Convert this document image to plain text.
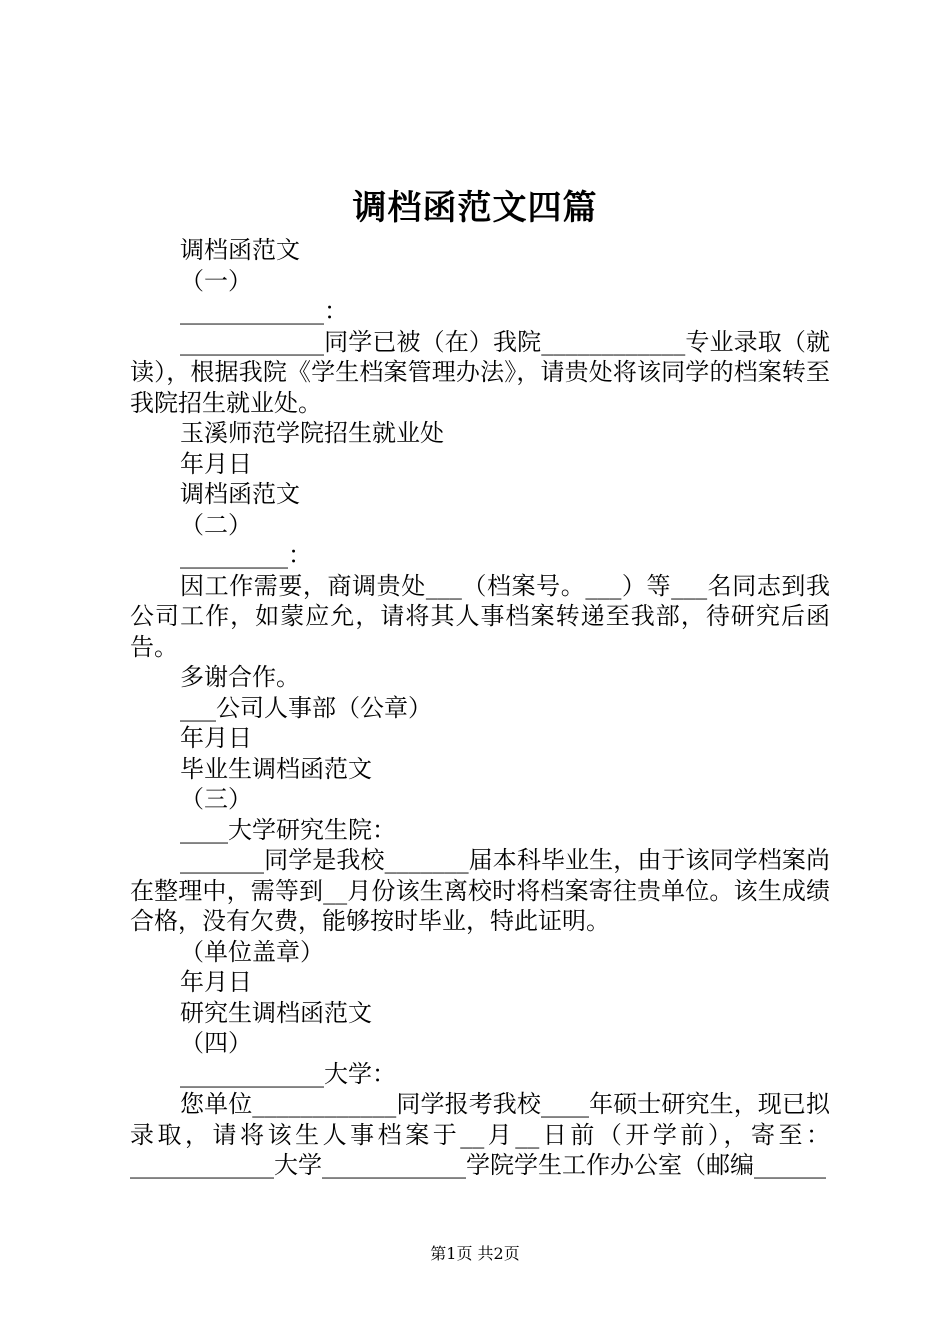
调档函范文四篇

调档函范文

（一）

____________：

____________同学已被（在）我院____________专业录取（就读），根据我院《学生档案管理办法》，请贵处将该同学的档案转至我院招生就业处。

玉溪师范学院招生就业处

年月日

调档函范文

（二）

_________：

因工作需要，商调贵处___（档案号。___）等___名同志到我公司工作，如蒙应允，请将其人事档案转递至我部，待研究后函告。

多谢合作。

___公司人事部（公章）

年月日

毕业生调档函范文

（三）

____大学研究生院：

_______同学是我校_______届本科毕业生，由于该同学档案尚在整理中，需等到__月份该生离校时将档案寄往贵单位。该生成绩合格，没有欠费，能够按时毕业，特此证明。

（单位盖章）

年月日

研究生调档函范文

（四）

____________大学：

您单位____________同学报考我校____年硕士研究生，现已拟录取，请将该生人事档案于__月__日前（开学前），寄至：____________大学____________学院学生工作办公室（邮编______

第1页 共2页
